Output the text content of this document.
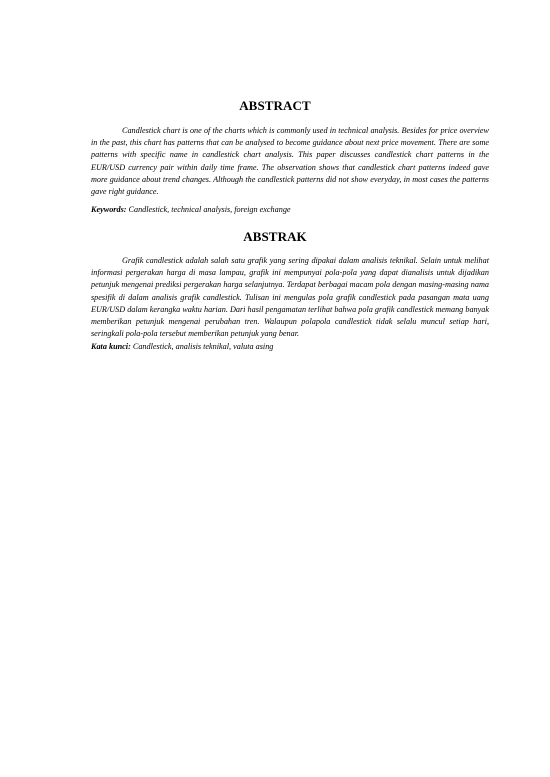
ABSTRACT

Candlestick chart is one of the charts which is commonly used in technical analysis. Besides for price overview in the past, this chart has patterns that can be analysed to become guidance about next price movement. There are some patterns with specific name in candlestick chart analysis. This paper discusses candlestick chart patterns in the EUR/USD currency pair within daily time frame. The observation shows that candlestick chart patterns indeed gave more guidance about trend changes. Although the candlestick patterns did not show everyday, in most cases the patterns gave right guidance.

Keywords: Candlestick, technical analysis, foreign exchange

ABSTRAK

Grafik candlestick adalah salah satu grafik yang sering dipakai dalam analisis teknikal. Selain untuk melihat informasi pergerakan harga di masa lampau, grafik ini mempunyai pola-pola yang dapat dianalisis untuk dijadikan petunjuk mengenai prediksi pergerakan harga selanjutnya. Terdapat berbagai macam pola dengan masing-masing nama spesifik di dalam analisis grafik candlestick. Tulisan ini mengulas pola grafik candlestick pada pasangan mata uang EUR/USD dalam kerangka waktu harian. Dari hasil pengamatan terlihat bahwa pola grafik candlestick memang banyak memberikan petunjuk mengenai perubahan tren. Walaupun polapola candlestick tidak selalu muncul setiap hari, seringkali pola-pola tersebut memberikan petunjuk yang benar.

Kata kunci: Candlestick, analisis teknikal, valuta asing
